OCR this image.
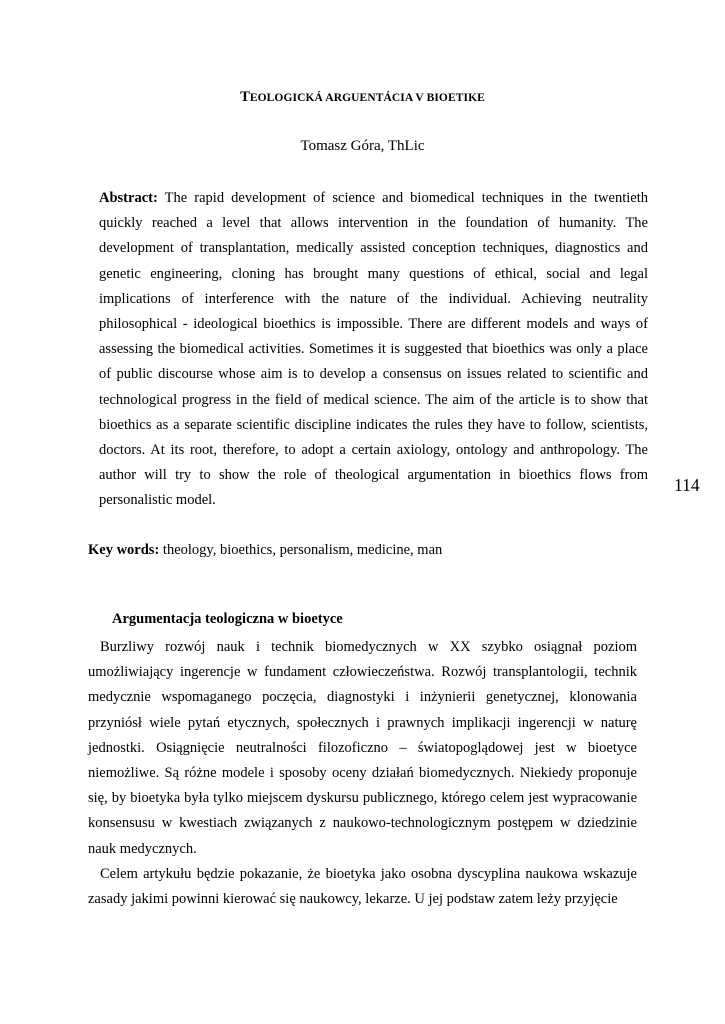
TEOLOGICKÁ ARGUENTÁCIA V BIOETIKE
Tomasz Góra, ThLic

Abstract: The rapid development of science and biomedical techniques in the twentieth quickly reached a level that allows intervention in the foundation of humanity. The development of transplantation, medically assisted conception techniques, diagnostics and genetic engineering, cloning has brought many questions of ethical, social and legal implications of interference with the nature of the individual. Achieving neutrality philosophical - ideological bioethics is impossible. There are different models and ways of assessing the biomedical activities. Sometimes it is suggested that bioethics was only a place of public discourse whose aim is to develop a consensus on issues related to scientific and technological progress in the field of medical science. The aim of the article is to show that bioethics as a separate scientific discipline indicates the rules they have to follow, scientists, doctors. At its root, therefore, to adopt a certain axiology, ontology and anthropology. The author will try to show the role of theological argumentation in bioethics flows from personalistic model.

114

Key words: theology, bioethics, personalism, medicine, man

Argumentacja teologiczna w bioetyce

Burzliwy rozwój nauk i technik biomedycznych w XX szybko osiągnał poziom umożliwiający ingerencje w fundament człowieczeństwa. Rozwój transplantologii, technik medycznie wspomaganego poczęcia, diagnostyki i inżynierii genetycznej, klonowania przyniósł wiele pytań etycznych, społecznych i prawnych implikacji ingerencji w naturę jednostki. Osiągnięcie neutralności filozoficzno – światopoglądowej jest w bioetyce niemożliwe. Są różne modele i sposoby oceny działań biomedycznych. Niekiedy proponuje się, by bioetyka była tylko miejscem dyskursu publicznego, którego celem jest wypracowanie konsensusu w kwestiach związanych z naukowo-technologicznym postępem w dziedzinie nauk medycznych.

Celem artykułu będzie pokazanie, że bioetyka jako osobna dyscyplina naukowa wskazuje zasady jakimi powinni kierować się naukowcy, lekarze. U jej podstaw zatem leży przyjęcie
